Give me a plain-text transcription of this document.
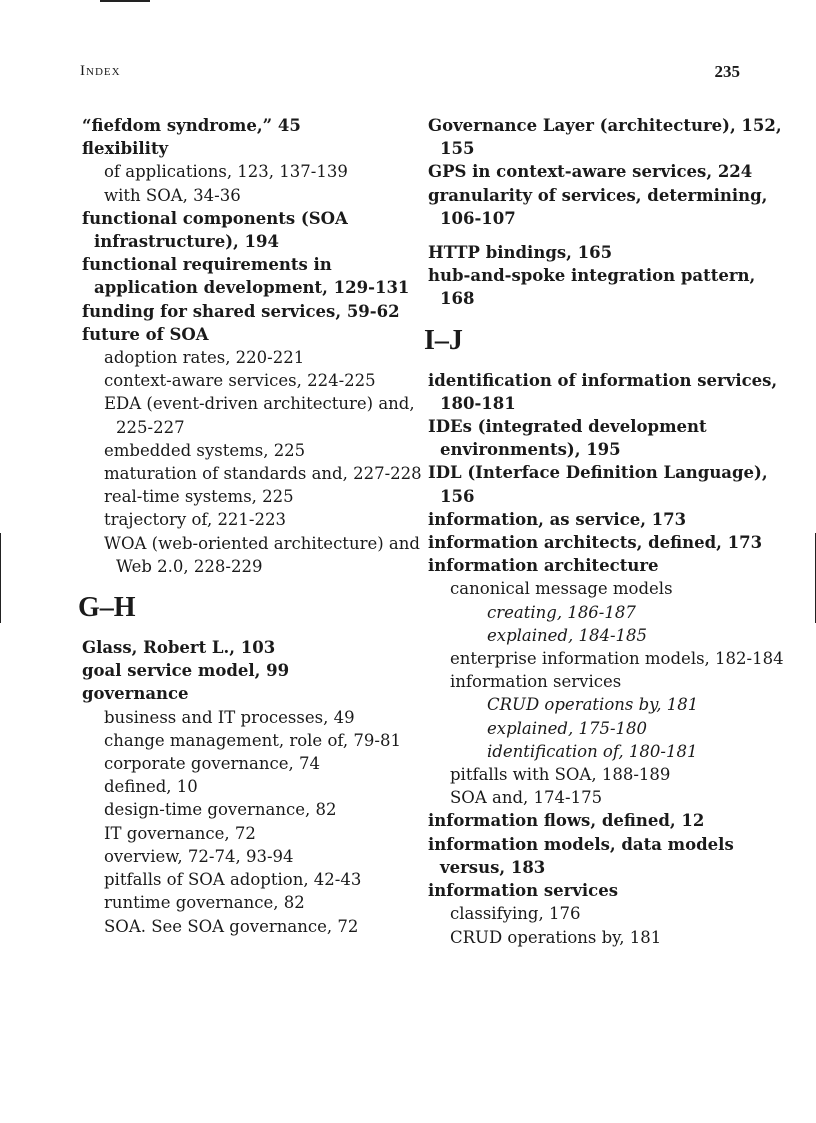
Index	235
“fiefdom syndrome,” 45
flexibility
of applications, 123, 137-139
with SOA, 34-36
functional components (SOA infrastructure), 194
functional requirements in application development, 129-131
funding for shared services, 59-62
future of SOA
adoption rates, 220-221
context-aware services, 224-225
EDA (event-driven architecture) and, 225-227
embedded systems, 225
maturation of standards and, 227-228
real-time systems, 225
trajectory of, 221-223
WOA (web-oriented architecture) and Web 2.0, 228-229
G–H
Glass, Robert L., 103
goal service model, 99
governance
business and IT processes, 49
change management, role of, 79-81
corporate governance, 74
defined, 10
design-time governance, 82
IT governance, 72
overview, 72-74, 93-94
pitfalls of SOA adoption, 42-43
runtime governance, 82
SOA. See SOA governance, 72
Governance Layer (architecture), 152, 155
GPS in context-aware services, 224
granularity of services, determining, 106-107
HTTP bindings, 165
hub-and-spoke integration pattern, 168
I–J
identification of information services, 180-181
IDEs (integrated development environments), 195
IDL (Interface Definition Language), 156
information, as service, 173
information architects, defined, 173
information architecture
canonical message models
creating, 186-187
explained, 184-185
enterprise information models, 182-184
information services
CRUD operations by, 181
explained, 175-180
identification of, 180-181
pitfalls with SOA, 188-189
SOA and, 174-175
information flows, defined, 12
information models, data models versus, 183
information services
classifying, 176
CRUD operations by, 181
